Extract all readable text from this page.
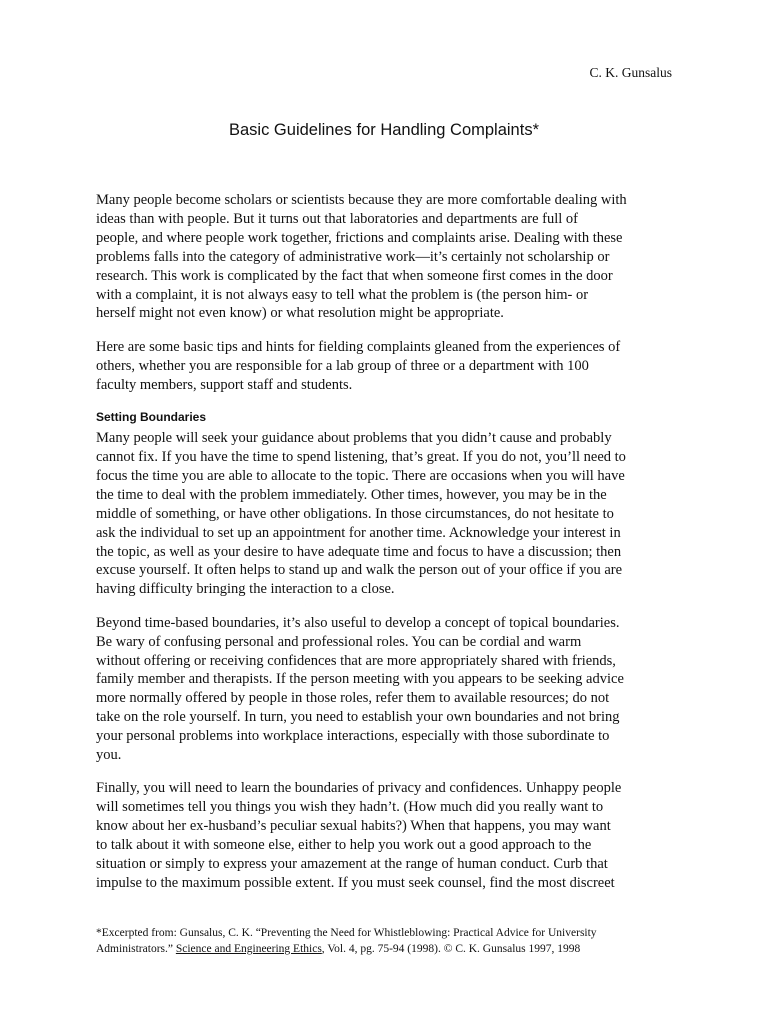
C. K. Gunsalus
Basic Guidelines for Handling Complaints*

Many people become scholars or scientists because they are more comfortable dealing with
ideas than with people. But it turns out that laboratories and departments are full of
people, and where people work together, frictions and complaints arise. Dealing with these
problems falls into the category of administrative work—it’s certainly not scholarship or
research. This work is complicated by the fact that when someone first comes in the door
with a complaint, it is not always easy to tell what the problem is (the person him- or
herself might not even know) or what resolution might be appropriate.

Here are some basic tips and hints for fielding complaints gleaned from the experiences of
others, whether you are responsible for a lab group of three or a department with 100
faculty members, support staff and students.

Setting Boundaries

Many people will seek your guidance about problems that you didn’t cause and probably
cannot fix. If you have the time to spend listening, that’s great. If you do not, you’ll need to
focus the time you are able to allocate to the topic. There are occasions when you will have
the time to deal with the problem immediately. Other times, however, you may be in the
middle of something, or have other obligations. In those circumstances, do not hesitate to
ask the individual to set up an appointment for another time. Acknowledge your interest in
the topic, as well as your desire to have adequate time and focus to have a discussion; then
excuse yourself. It often helps to stand up and walk the person out of your office if you are
having difficulty bringing the interaction to a close.

Beyond time-based boundaries, it’s also useful to develop a concept of topical boundaries.
Be wary of confusing personal and professional roles. You can be cordial and warm
without offering or receiving confidences that are more appropriately shared with friends,
family member and therapists. If the person meeting with you appears to be seeking advice
more normally offered by people in those roles, refer them to available resources; do not
take on the role yourself. In turn, you need to establish your own boundaries and not bring
your personal problems into workplace interactions, especially with those subordinate to
you.

Finally, you will need to learn the boundaries of privacy and confidences. Unhappy people
will sometimes tell you things you wish they hadn’t. (How much did you really want to
know about her ex-husband’s peculiar sexual habits?) When that happens, you may want
to talk about it with someone else, either to help you work out a good approach to the
situation or simply to express your amazement at the range of human conduct. Curb that
impulse to the maximum possible extent. If you must seek counsel, find the most discreet

*Excerpted from: Gunsalus, C. K. “Preventing the Need for Whistleblowing: Practical Advice for University
Administrators.” Science and Engineering Ethics, Vol. 4, pg. 75-94 (1998). © C. K. Gunsalus 1997, 1998
